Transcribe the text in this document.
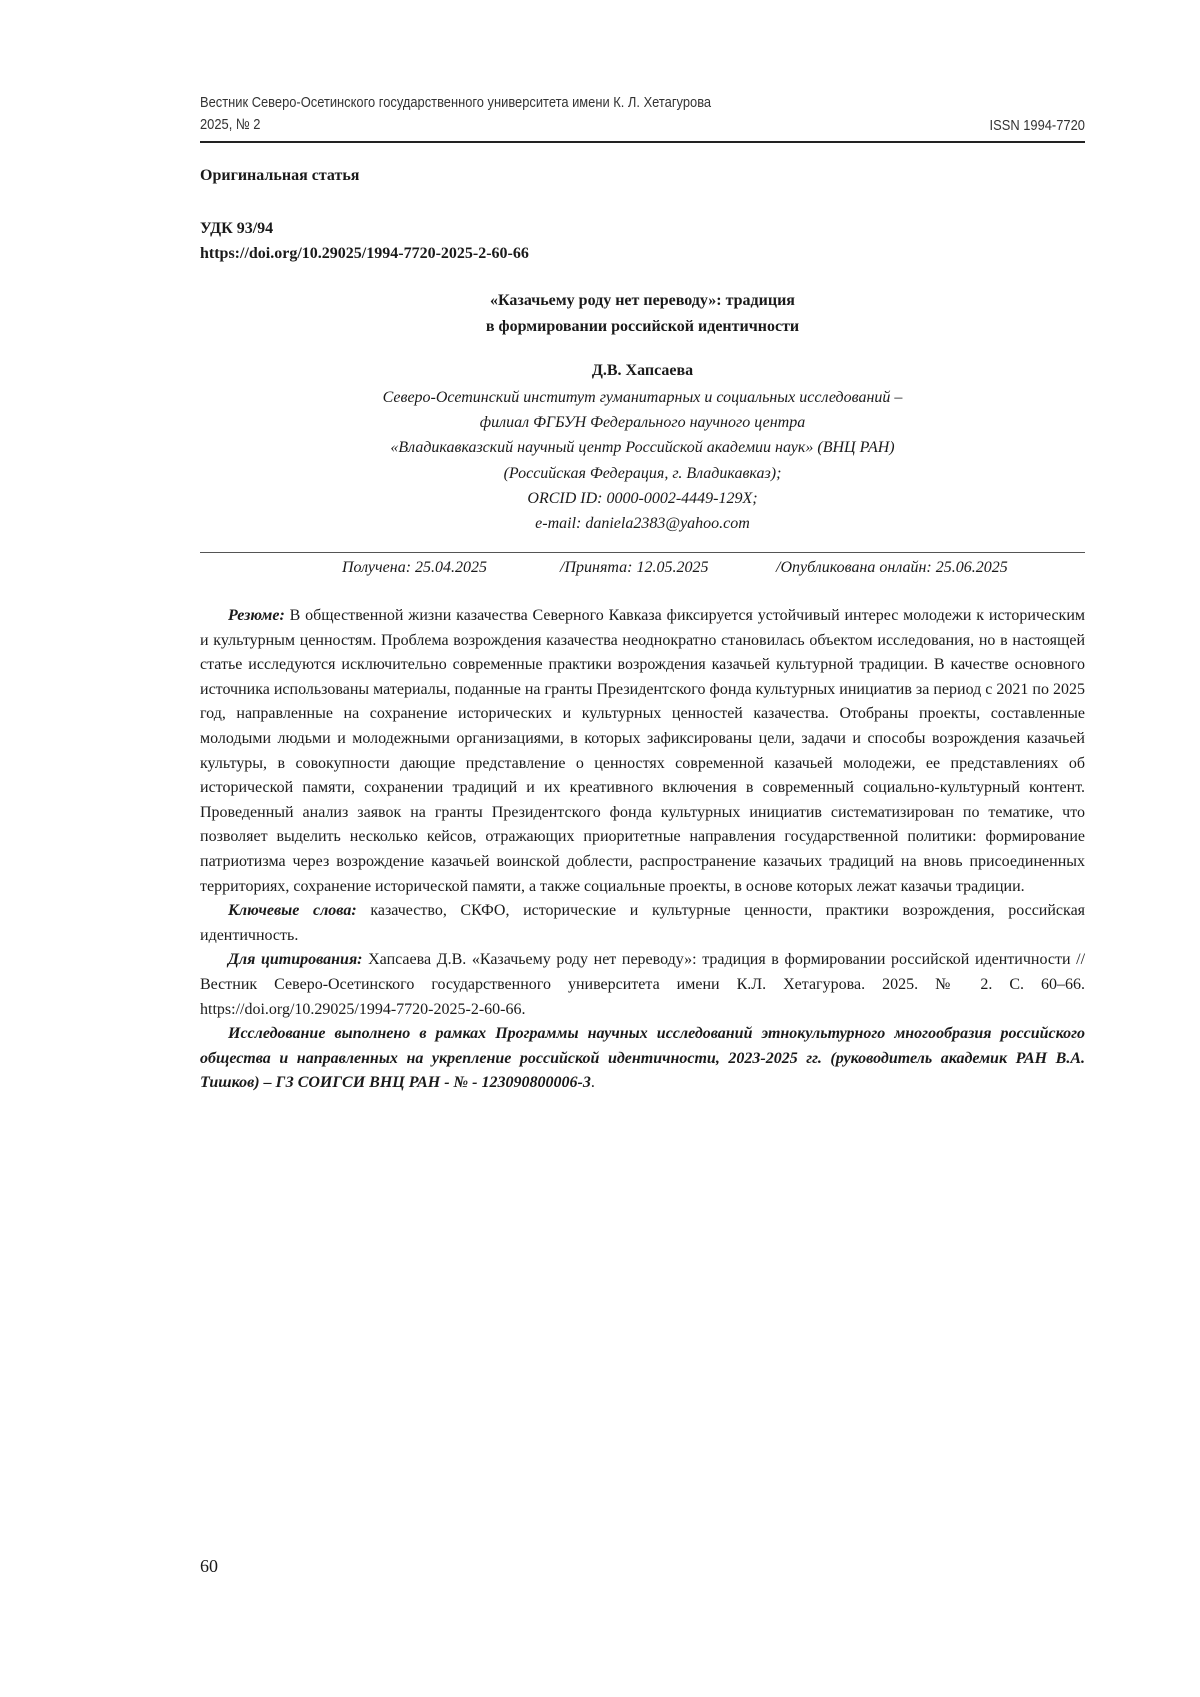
Вестник Северо-Осетинского государственного университета имени К. Л. Хетагурова
2025, № 2	ISSN 1994-7720
Оригинальная статья
УДК 93/94
https://doi.org/10.29025/1994-7720-2025-2-60-66
«Казачьему роду нет переводу»: традиция
в формировании российской идентичности
Д.В. Хапсаева
Северо-Осетинский институт гуманитарных и социальных исследований –
филиал ФГБУН Федерального научного центра
«Владикавказский научный центр Российской академии наук» (ВНЦ РАН)
(Российская Федерация, г. Владикавказ);
ORCID ID: 0000-0002-4449-129X;
e-mail: daniela2383@yahoo.com
Получена: 25.04.2025	/Принята: 12.05.2025	/Опубликована онлайн: 25.06.2025

Резюме: В общественной жизни казачества Северного Кавказа фиксируется устойчивый интерес молодежи к историческим и культурным ценностям. Проблема возрождения казачества неоднократно становилась объектом исследования, но в настоящей статье исследуются исключительно современные практики возрождения казачьей культурной традиции. В качестве основного источника использованы материалы, поданные на гранты Президентского фонда культурных инициатив за период с 2021 по 2025 год, направленные на сохранение исторических и культурных ценностей казачества. Отобраны проекты, составленные молодыми людьми и молодежными организациями, в которых зафиксированы цели, задачи и способы возрождения казачьей культуры, в совокупности дающие представление о ценностях современной казачьей молодежи, ее представлениях об исторической памяти, сохранении традиций и их креативного включения в современный социально-культурный контент. Проведенный анализ заявок на гранты Президентского фонда культурных инициатив систематизирован по тематике, что позволяет выделить несколько кейсов, отражающих приоритетные направления государственной политики: формирование патриотизма через возрождение казачьей воинской доблести, распространение казачьих традиций на вновь присоединенных территориях, сохранение исторической памяти, а также социальные проекты, в основе которых лежат казачьи традиции.

Ключевые слова: казачество, СКФО, исторические и культурные ценности, практики возрождения, российская идентичность.

Для цитирования: Хапсаева Д.В. «Казачьему роду нет переводу»: традиция в формировании российской идентичности // Вестник Северо-Осетинского государственного университета имени К.Л. Хетагурова. 2025. № 2. С. 60–66. https://doi.org/10.29025/1994-7720-2025-2-60-66.

Исследование выполнено в рамках Программы научных исследований этнокультурного многообразия российского общества и направленных на укрепление российской идентичности, 2023-2025 гг. (руководитель академик РАН В.А. Тишков) – ГЗ СОИГСИ ВНЦ РАН - № - 123090800006-3.

60
